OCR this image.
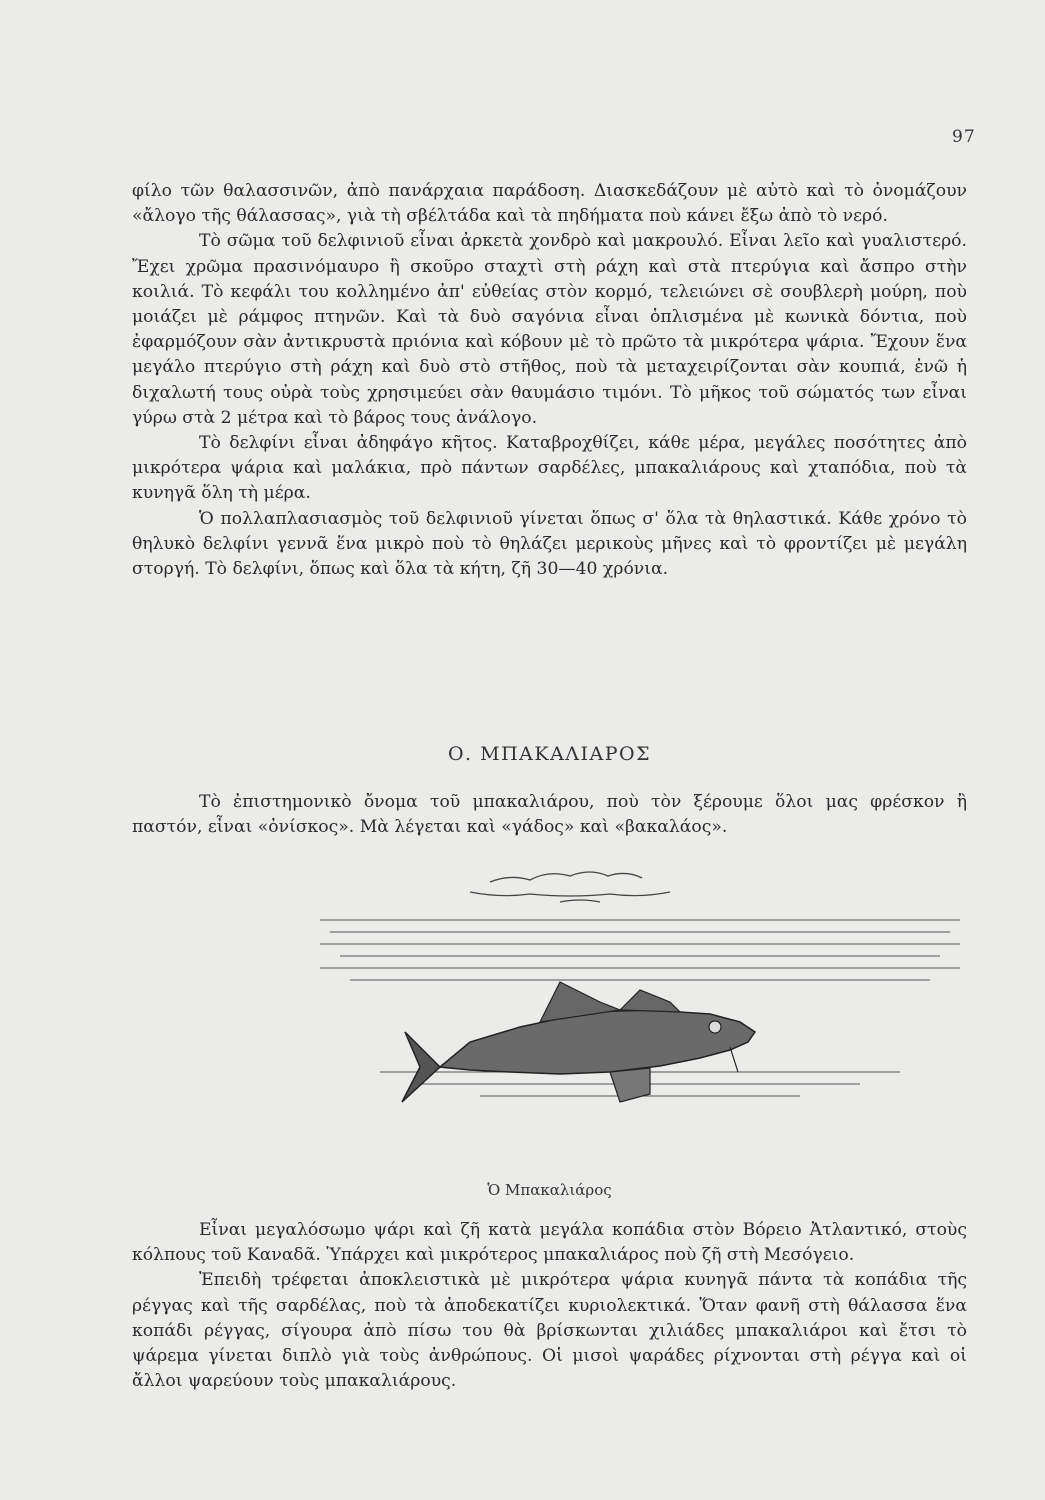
97

φίλο τῶν θαλασσινῶν, ἀπὸ πανάρχαια παράδοση. Διασκεδάζουν μὲ αὐτὸ καὶ τὸ ὀνομάζουν «ἄλογο τῆς θάλασσας», γιὰ τὴ σβέλτάδα καὶ τὰ πηδήματα ποὺ κάνει ἔξω ἀπὸ τὸ νερό.

Τὸ σῶμα τοῦ δελφινιοῦ εἶναι ἀρκετὰ χονδρὸ καὶ μακρουλό. Εἶναι λεῖο καὶ γυαλιστερό. Ἔχει χρῶμα πρασινόμαυρο ἢ σκοῦρο σταχτὶ στὴ ράχη καὶ στὰ πτερύγια καὶ ἄσπρο στὴν κοιλιά. Τὸ κεφάλι του κολλημένο ἀπ' εὐθείας στὸν κορμό, τελειώνει σὲ σουβλερὴ μούρη, ποὺ μοιάζει μὲ ράμφος πτηνῶν. Καὶ τὰ δυὸ σαγόνια εἶναι ὁπλισμένα μὲ κωνικὰ δόντια, ποὺ ἐφαρμόζουν σὰν ἀντικρυστὰ πριόνια καὶ κόβουν μὲ τὸ πρῶτο τὰ μικρότερα ψάρια. Ἔχουν ἕνα μεγάλο πτερύγιο στὴ ράχη καὶ δυὸ στὸ στῆθος, ποὺ τὰ μεταχειρίζονται σὰν κουπιά, ἐνῶ ἡ διχαλωτή τους οὐρὰ τοὺς χρησιμεύει σὰν θαυμάσιο τιμόνι. Τὸ μῆκος τοῦ σώματός των εἶναι γύρω στὰ 2 μέτρα καὶ τὸ βάρος τους ἀνάλογο.

Τὸ δελφίνι εἶναι ἀδηφάγο κῆτος. Καταβροχθίζει, κάθε μέρα, μεγάλες ποσότητες ἀπὸ μικρότερα ψάρια καὶ μαλάκια, πρὸ πάντων σαρδέλες, μπακαλιάρους καὶ χταπόδια, ποὺ τὰ κυνηγᾶ ὅλη τὴ μέρα.

Ὁ πολλαπλασιασμὸς τοῦ δελφινιοῦ γίνεται ὅπως σ' ὅλα τὰ θηλαστικά. Κάθε χρόνο τὸ θηλυκὸ δελφίνι γεννᾶ ἕνα μικρὸ ποὺ τὸ θηλάζει μερικοὺς μῆνες καὶ τὸ φροντίζει μὲ μεγάλη στοργή. Τὸ δελφίνι, ὅπως καὶ ὅλα τὰ κήτη, ζῆ 30—40 χρόνια.

Ο. ΜΠΑΚΑΛΙΑΡΟΣ

Τὸ ἐπιστημονικὸ ὄνομα τοῦ μπακαλιάρου, ποὺ τὸν ξέρουμε ὅλοι μας φρέσκον ἢ παστόν, εἶναι «ὀνίσκος». Μὰ λέγεται καὶ «γάδος» καὶ «βακαλάος».

Ὁ Μπακαλιάρος

Εἶναι μεγαλόσωμο ψάρι καὶ ζῆ κατὰ μεγάλα κοπάδια στὸν Βόρειο Ἀτλαντικό, στοὺς κόλπους τοῦ Καναδᾶ. Ὑπάρχει καὶ μικρότερος μπακαλιάρος ποὺ ζῆ στὴ Μεσόγειο.

Ἐπειδὴ τρέφεται ἀποκλειστικὰ μὲ μικρότερα ψάρια κυνηγᾶ πάντα τὰ κοπάδια τῆς ρέγγας καὶ τῆς σαρδέλας, ποὺ τὰ ἀποδεκατίζει κυριολεκτικά. Ὅταν φανῆ στὴ θάλασσα ἕνα κοπάδι ρέγγας, σίγουρα ἀπὸ πίσω του θὰ βρίσκωνται χιλιάδες μπακαλιάροι καὶ ἔτσι τὸ ψάρεμα γίνεται διπλὸ γιὰ τοὺς ἀνθρώπους. Οἱ μισοὶ ψαράδες ρίχνονται στὴ ρέγγα καὶ οἱ ἄλλοι ψαρεύουν τοὺς μπακαλιάρους.
